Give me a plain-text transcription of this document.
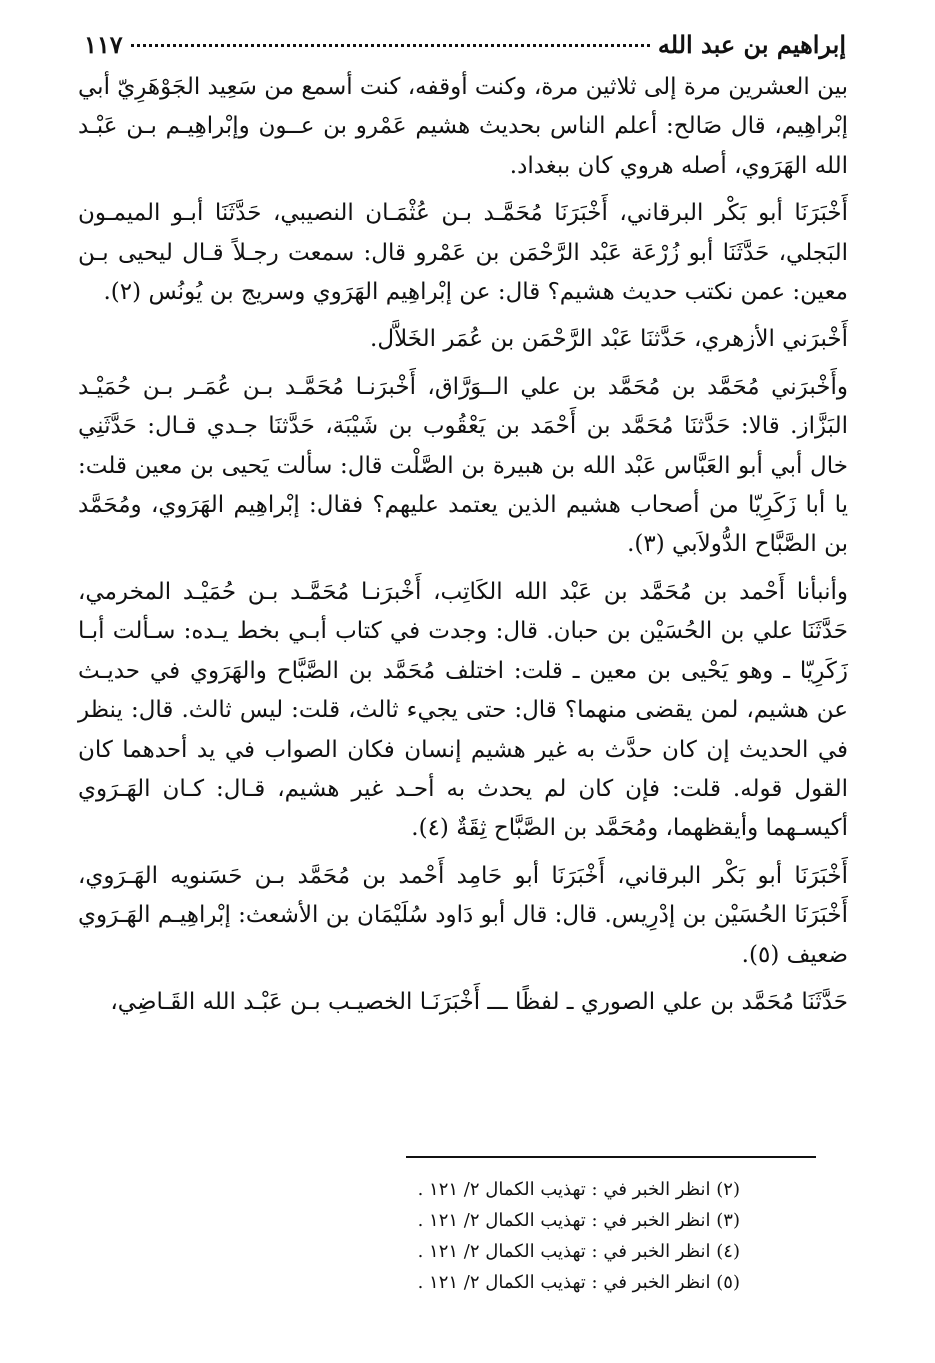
إبراهيم بن عبد الله
١١٧

بين العشرين مرة إلى ثلاثين مرة، وكنت أوقفه، كنت أسمع من سَعِيد الجَوْهَرِيّ أبي إبْراهِيم، قال صَالح: أعلم الناس بحديث هشيم عَمْرو بن عــون وإبْراهِيـم بـن عَبْـد الله الهَرَوي، أصله هروي كان ببغداد.

أَخْبَرَنَا أبو بَكْر البرقاني، أَخْبَرَنَا مُحَمَّـد بـن عُثْمَـان النصيبي، حَدَّثَنَا أبـو الميمـون البَجلي، حَدَّثَنَا أبو زُرْعَة عَبْد الرَّحْمَن بن عَمْرو قال: سمعت رجـلاً قـال ليحيى بـن معين: عمن نكتب حديث هشيم؟ قال: عن إبْراهِيم الهَرَوي وسريج بن يُونُس (٢).

أَخْبرَني الأزهري، حَدَّثنَا عَبْد الرَّحْمَن بن عُمَر الخَلاَّل.

وأَخْبرَني مُحَمَّد بن مُحَمَّد بن علي الــوَرَّاق، أَخْبرَنـا مُحَمَّـد بـن عُمَـر بـن حُمَيْـد البَزَّاز. قالا: حَدَّثنَا مُحَمَّد بن أَحْمَد بن يَعْقُوب بن شَيْبَة، حَدَّثنَا جـدي قـال: حَدَّثَنِي خال أبي أبو العَبَّاس عَبْد الله بن هبيرة بن الصَّلْت قال: سألت يَحيى بن معين قلت: يا أبا زَكَرِيّا من أصحاب هشيم الذين يعتمد عليهم؟ فقال: إبْراهِيم الهَرَوي، ومُحَمَّد بن الصَّبَّاح الدُّولاَبي (٣).

وأنبأنا أَحْمد بن مُحَمَّد بن عَبْد الله الكَاتِب، أَخْبرَنـا مُحَمَّـد بـن حُمَيْـد المخرمي، حَدَّثَنَا علي بن الحُسَيْن بن حبان. قال: وجدت في كتاب أبـي بخط يـده: سـألت أبـا زَكَرِيّا ـ وهو يَحْيى بن معين ـ قلت: اختلف مُحَمَّد بن الصَّبَّاح والهَرَوي في حديـث عن هشيم، لمن يقضى منهما؟ قال: حتى يجيء ثالث، قلت: ليس ثالث. قال: ينظر في الحديث إن كان حدَّث به غير هشيم إنسان فكان الصواب في يد أحدهما كان القول قوله. قلت: فإن كان لم يحدث به أحـد غير هشيم، قـال: كـان الهَـرَوي أكيسـهما وأيقظهما، ومُحَمَّد بن الصَّبَّاح ثِقَةٌ (٤).

أَخْبَرَنَا أبو بَكْر البرقاني، أَخْبَرَنَا أبو حَامِد أَحْمد بن مُحَمَّد بـن حَسَنويه الهَـرَوي، أَخْبَرَنَا الحُسَيْن بن إدْرِيس. قال: قال أبو دَاود سُلَيْمَان بن الأشعث: إبْراهِيـم الهَـرَوي ضعيف (٥).

حَدَّثَنَا مُحَمَّد بن علي الصوري ـ لفظًا ـــ أَخْبَرَنَـا الخصيـب بـن عَبْـد الله القَـاضِي،

(٢) انظر الخبر في : تهذيب الكمال ٢/ ١٢١ .
(٣) انظر الخبر في : تهذيب الكمال ٢/ ١٢١ .
(٤) انظر الخبر في : تهذيب الكمال ٢/ ١٢١ .
(٥) انظر الخبر في : تهذيب الكمال ٢/ ١٢١ .
